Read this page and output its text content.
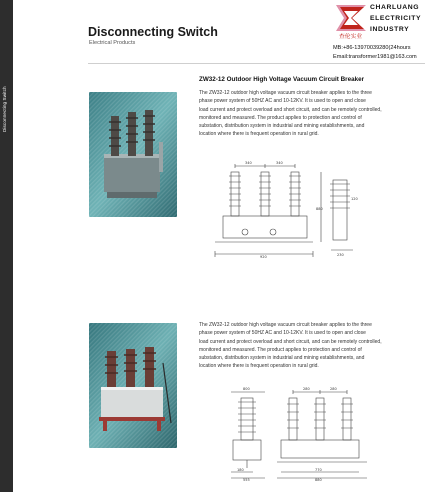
Disconnecting Switch
Disconnecting Switch
Electrical Products
CHARLUANG
ELECTRICITY
INDUSTRY
查伦实业
MB:+86-13970039280(24hours
Email:transformer1981@163.com
ZW32-12 Outdoor High Voltage Vacuum Circuit Breaker
The ZW32-12 outdoor high voltage vacuum circuit breaker applies to the three
phase power system of 50HZ AC and 10-12KV. It is used to open and close
load current and protect overload and short circuit, and can be remotely controlled,
monitored and measured. The product applies to protection and control of
substation, distribution system in industrial and mining establishments, and
location where there is frequent operation in rural grid.
340	340
920
880
230
120
The ZW32-12 outdoor high voltage vacuum circuit breaker applies to the three
phase power system of 50HZ AC and 10-12KV. It is used to open and close
load current and protect overload and short circuit, and can be remotely controlled,
monitored and measured. The product applies to protection and control of
substation, distribution system in industrial and mining establishments, and
location where there is frequent operation in rural grid.
800	280	280
180
555
770
880
